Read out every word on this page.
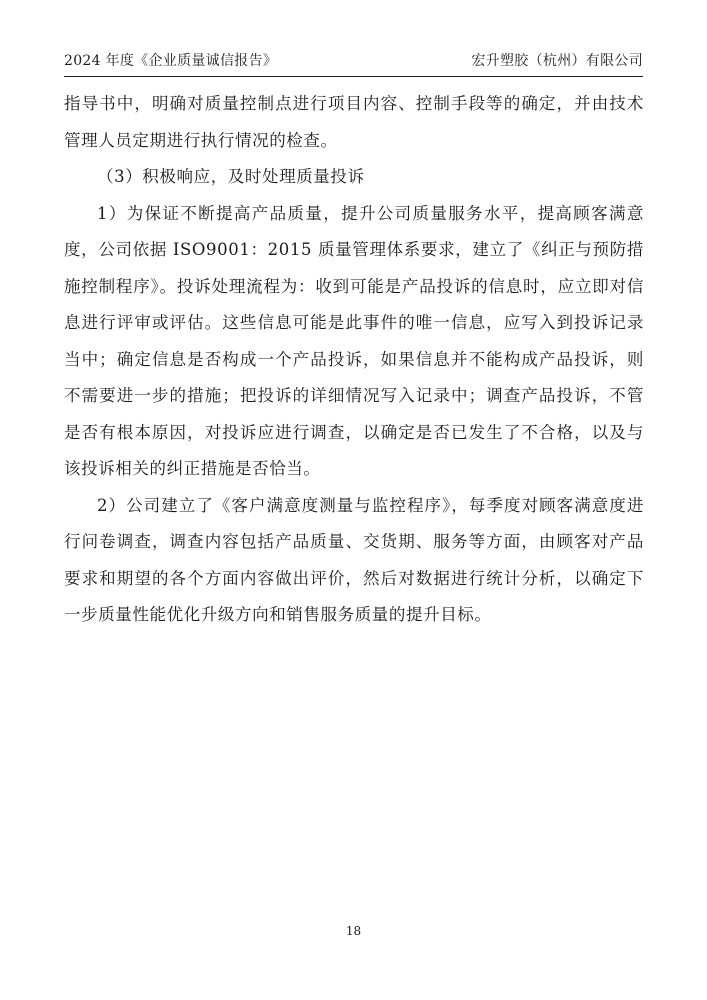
2024 年度《企业质量诚信报告》	宏升塑胶（杭州）有限公司

指导书中，明确对质量控制点进行项目内容、控制手段等的确定，并由技术管理人员定期进行执行情况的检查。

（3）积极响应，及时处理质量投诉

1）为保证不断提高产品质量，提升公司质量服务水平，提高顾客满意度，公司依据 ISO9001：2015 质量管理体系要求，建立了《纠正与预防措施控制程序》。投诉处理流程为：收到可能是产品投诉的信息时，应立即对信息进行评审或评估。这些信息可能是此事件的唯一信息，应写入到投诉记录当中；确定信息是否构成一个产品投诉，如果信息并不能构成产品投诉，则不需要进一步的措施；把投诉的详细情况写入记录中；调查产品投诉，不管是否有根本原因，对投诉应进行调查，以确定是否已发生了不合格，以及与该投诉相关的纠正措施是否恰当。

2）公司建立了《客户满意度测量与监控程序》，每季度对顾客满意度进行问卷调查，调查内容包括产品质量、交货期、服务等方面，由顾客对产品要求和期望的各个方面内容做出评价，然后对数据进行统计分析，以确定下一步质量性能优化升级方向和销售服务质量的提升目标。

18
